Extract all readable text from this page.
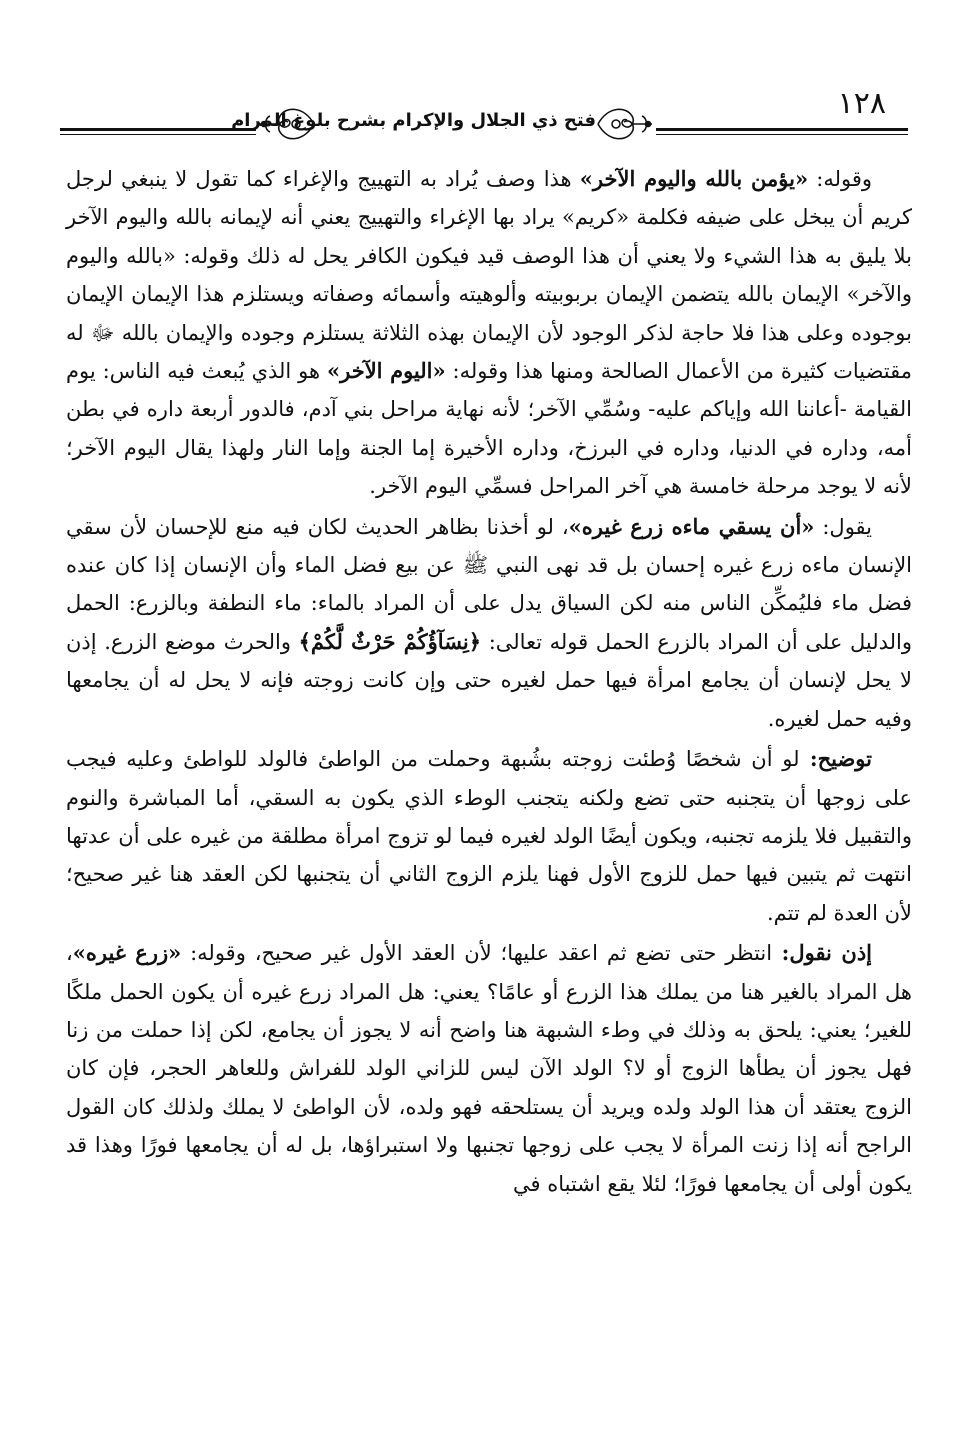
فتح ذي الجلال والإكرام بشرح بلوغ المرام	١٢٨

وقوله: «يؤمن بالله واليوم الآخر» هذا وصف يُراد به التهييج والإغراء كما تقول لا ينبغي لرجل كريم أن يبخل على ضيفه فكلمة «كريم» يراد بها الإغراء والتهييج يعني أنه لإيمانه بالله واليوم الآخر بلا يليق به هذا الشيء ولا يعني أن هذا الوصف قيد فيكون الكافر يحل له ذلك وقوله: «بالله واليوم والآخر» الإيمان بالله يتضمن الإيمان بربوبيته وألوهيته وأسمائه وصفاته ويستلزم هذا الإيمان الإيمان بوجوده وعلى هذا فلا حاجة لذكر الوجود لأن الإيمان بهذه الثلاثة يستلزم وجوده والإيمان بالله ﷻ له مقتضيات كثيرة من الأعمال الصالحة ومنها هذا وقوله: «اليوم الآخر» هو الذي يُبعث فيه الناس: يوم القيامة -أعاننا الله وإياكم عليه- وسُمِّي الآخر؛ لأنه نهاية مراحل بني آدم، فالدور أربعة داره في بطن أمه، وداره في الدنيا، وداره في البرزخ، وداره الأخيرة إما الجنة وإما النار ولهذا يقال اليوم الآخر؛ لأنه لا يوجد مرحلة خامسة هي آخر المراحل فسمِّي اليوم الآخر.

يقول: «أن يسقي ماءه زرع غيره»، لو أخذنا بظاهر الحديث لكان فيه منع للإحسان لأن سقي الإنسان ماءه زرع غيره إحسان بل قد نهى النبي ﷺ عن بيع فضل الماء وأن الإنسان إذا كان عنده فضل ماء فليُمكِّن الناس منه لكن السياق يدل على أن المراد بالماء: ماء النطفة وبالزرع: الحمل والدليل على أن المراد بالزرع الحمل قوله تعالى: ﴿نِسَآؤُكُمْ حَرْثٌ لَّكُمْ﴾ والحرث موضع الزرع. إذن لا يحل لإنسان أن يجامع امرأة فيها حمل لغيره حتى وإن كانت زوجته فإنه لا يحل له أن يجامعها وفيه حمل لغيره.

توضيح: لو أن شخصًا وُطئت زوجته بشُبهة وحملت من الواطئ فالولد للواطئ وعليه فيجب على زوجها أن يتجنبه حتى تضع ولكنه يتجنب الوطء الذي يكون به السقي، أما المباشرة والنوم والتقبيل فلا يلزمه تجنبه، ويكون أيضًا الولد لغيره فيما لو تزوج امرأة مطلقة من غيره على أن عدتها انتهت ثم يتبين فيها حمل للزوج الأول فهنا يلزم الزوج الثاني أن يتجنبها لكن العقد هنا غير صحيح؛ لأن العدة لم تتم.

إذن نقول: انتظر حتى تضع ثم اعقد عليها؛ لأن العقد الأول غير صحيح، وقوله: «زرع غيره»، هل المراد بالغير هنا من يملك هذا الزرع أو عامًا؟ يعني: هل المراد زرع غيره أن يكون الحمل ملكًا للغير؛ يعني: يلحق به وذلك في وطء الشبهة هنا واضح أنه لا يجوز أن يجامع، لكن إذا حملت من زنا فهل يجوز أن يطأها الزوج أو لا؟ الولد الآن ليس للزاني الولد للفراش وللعاهر الحجر، فإن كان الزوج يعتقد أن هذا الولد ولده ويريد أن يستلحقه فهو ولده، لأن الواطئ لا يملك ولذلك كان القول الراجح أنه إذا زنت المرأة لا يجب على زوجها تجنبها ولا استبراؤها، بل له أن يجامعها فورًا وهذا قد يكون أولى أن يجامعها فورًا؛ لئلا يقع اشتباه في
